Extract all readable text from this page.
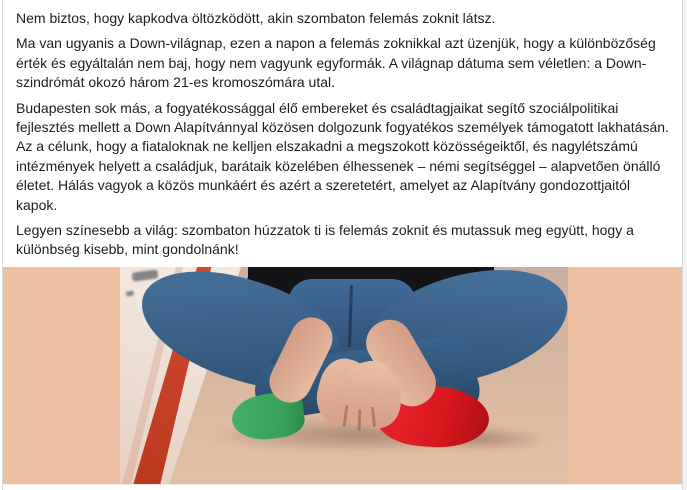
Nem biztos, hogy kapkodva öltözködött, akin szombaton felemás zoknit látsz.

Ma van ugyanis a Down-világnap, ezen a napon a felemás zoknikkal azt üzenjük, hogy a különbözőség érték és egyáltalán nem baj, hogy nem vagyunk egyformák. A világnap dátuma sem véletlen: a Down-szindrómát okozó három 21-es kromoszómára utal.

Budapesten sok más, a fogyatékossággal élő embereket és családtagjaikat segítő szociálpolitikai fejlesztés mellett a Down Alapítvánnyal közösen dolgozunk fogyatékos személyek támogatott lakhatásán. Az a célunk, hogy a fiataloknak ne kelljen elszakadni a megszokott közösségeiktől, és nagylétszámú intézmények helyett a családjuk, barátaik közelében élhessenek – némi segítséggel – alapvetően önálló életet. Hálás vagyok a közös munkáért és azért a szeretetért, amelyet az Alapítvány gondozottjaitól kapok.

Legyen színesebb a világ: szombaton húzzatok ti is felemás zoknit és mutassuk meg együtt, hogy a különbség kisebb, mint gondolnánk!
